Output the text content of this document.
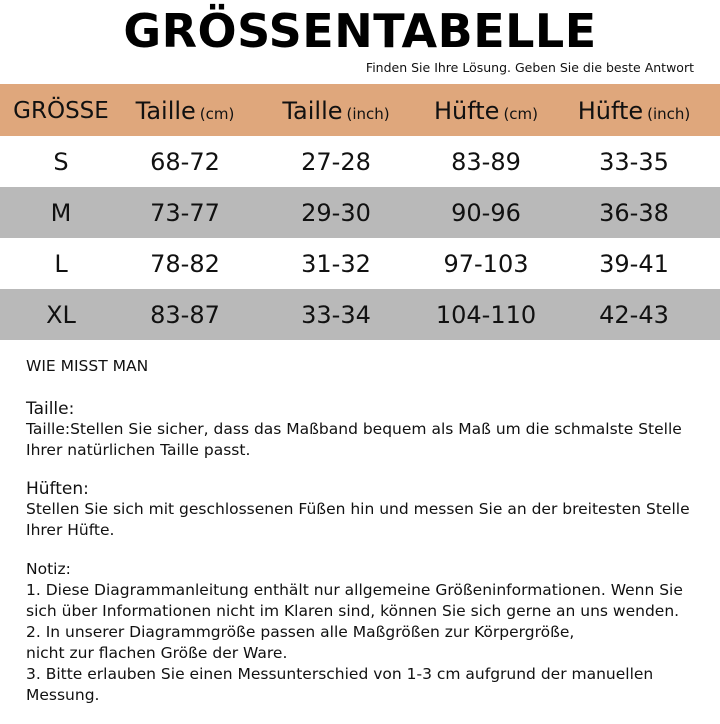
GRÖSSENTABELLE
Finden Sie Ihre Lösung. Geben Sie die beste Antwort
GRÖSSE	Taille (cm)	Taille (inch)	Hüfte (cm)	Hüfte (inch)
S	68-72	27-28	83-89	33-35
M	73-77	29-30	90-96	36-38
L	78-82	31-32	97-103	39-41
XL	83-87	33-34	104-110	42-43

WIE MISST MAN

Taille:

Taille:Stellen Sie sicher, dass das Maßband bequem als Maß um die schmalste Stelle

Ihrer natürlichen Taille passt.

Hüften:

Stellen Sie sich mit geschlossenen Füßen hin und messen Sie an der breitesten Stelle

Ihrer Hüfte.

Notiz:

1. Diese Diagrammanleitung enthält nur allgemeine Größeninformationen. Wenn Sie

sich über Informationen nicht im Klaren sind, können Sie sich gerne an uns wenden.

2. In unserer Diagrammgröße passen alle Maßgrößen zur Körpergröße,

nicht zur flachen Größe der Ware.

3. Bitte erlauben Sie einen Messunterschied von 1-3 cm aufgrund der manuellen Messung.
